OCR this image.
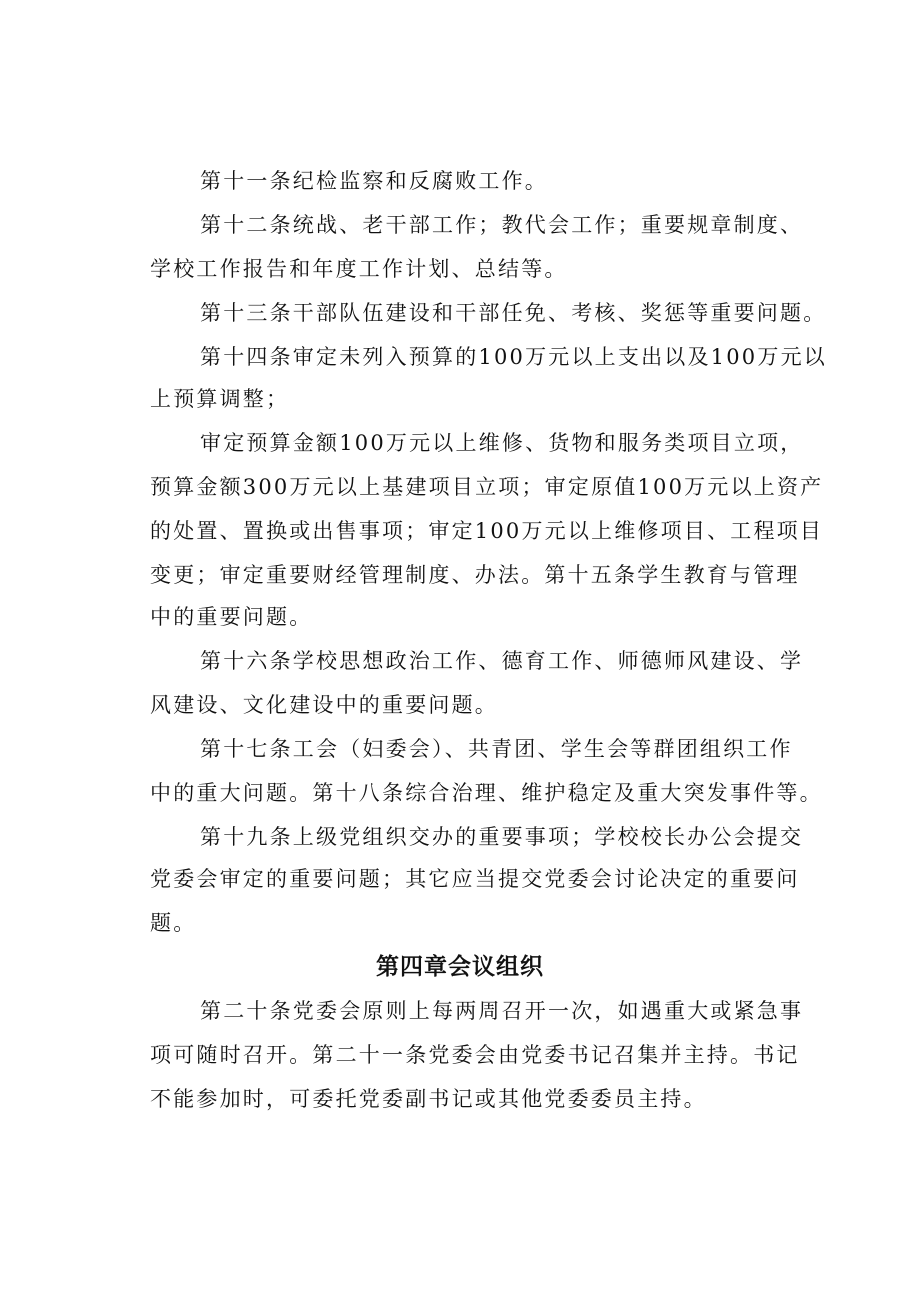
第十一条纪检监察和反腐败工作。
第十二条统战、老干部工作；教代会工作；重要规章制度、
学校工作报告和年度工作计划、总结等。
第十三条干部队伍建设和干部任免、考核、奖惩等重要问题。
第十四条审定未列入预算的100万元以上支出以及100万元以
上预算调整；
审定预算金额100万元以上维修、货物和服务类项目立项，
预算金额300万元以上基建项目立项；审定原值100万元以上资产
的处置、置换或出售事项；审定100万元以上维修项目、工程项目
变更；审定重要财经管理制度、办法。第十五条学生教育与管理
中的重要问题。
第十六条学校思想政治工作、德育工作、师德师风建设、学
风建设、文化建设中的重要问题。
第十七条工会（妇委会）、共青团、学生会等群团组织工作
中的重大问题。第十八条综合治理、维护稳定及重大突发事件等。
第十九条上级党组织交办的重要事项；学校校长办公会提交
党委会审定的重要问题；其它应当提交党委会讨论决定的重要问
题。
第四章会议组织
第二十条党委会原则上每两周召开一次，如遇重大或紧急事
项可随时召开。第二十一条党委会由党委书记召集并主持。书记
不能参加时，可委托党委副书记或其他党委委员主持。
